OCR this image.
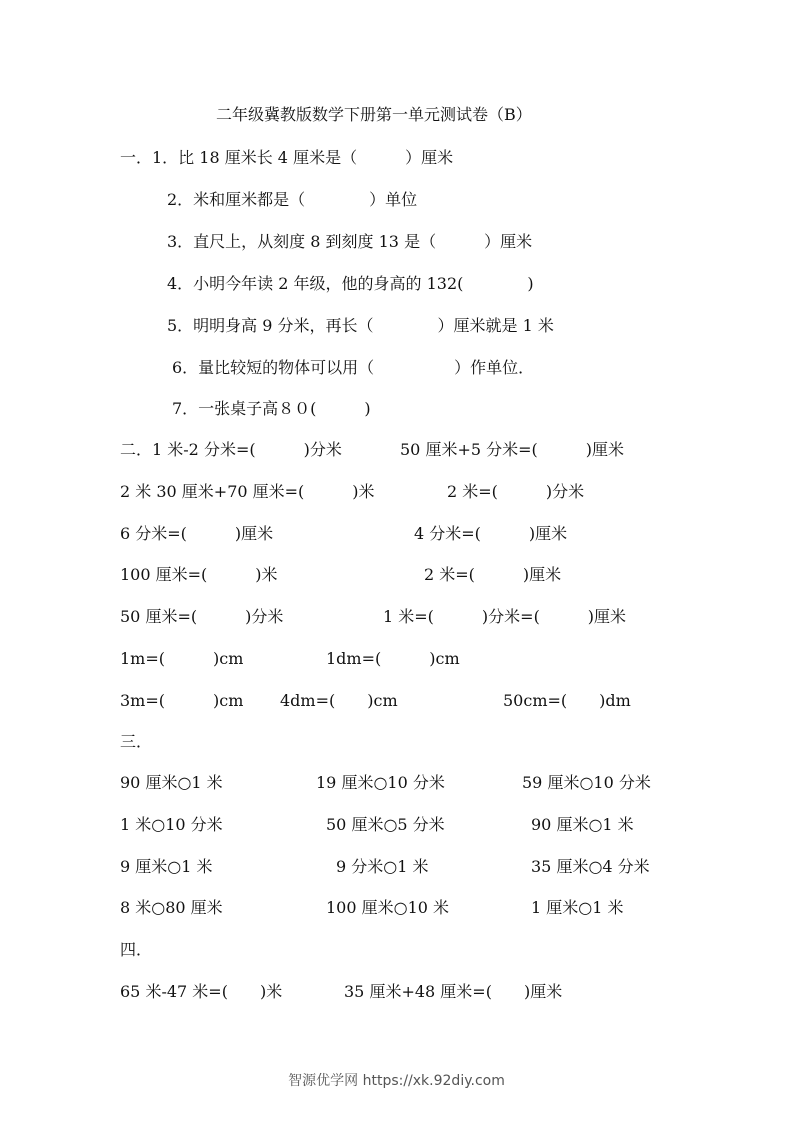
二年级冀教版数学下册第一单元测试卷（B）
一．1．比 18 厘米长 4 厘米是（　　　）厘米
2．米和厘米都是（　　　　）单位
3．直尺上，从刻度 8 到刻度 13 是（　　　）厘米
4．小明今年读 2 年级，他的身高的 132(　　　　)
5．明明身高 9 分米，再长（　　　　）厘米就是 1 米
6．量比较短的物体可以用（　　　　　）作单位．
7．一张桌子高８０(　　　)
二．1 米-2 分米=(　　　)分米	50 厘米+5 分米=(　　　)厘米
2 米 30 厘米+70 厘米=(　　　)米	2 米=(　　　)分米
6 分米=(　　　)厘米	4 分米=(　　　)厘米
100 厘米=(　　　)米	2 米=(　　　)厘米
50 厘米=(　　　)分米	1 米=(　　　)分米=(　　　)厘米
1m=(　　　)cm	1dm=(　　　)cm
3m=(　　　)cm 4dm=(　　)cm	50cm=(　　)dm
三．
90 厘米○1 米	19 厘米○10 分米	59 厘米○10 分米
1 米○10 分米	50 厘米○5 分米	90 厘米○1 米
9 厘米○1 米	9 分米○1 米	35 厘米○4 分米
8 米○80 厘米	100 厘米○10 米	1 厘米○1 米
四．
65 米-47 米=(　　)米	35 厘米+48 厘米=(　　)厘米
智源优学网 https://xk.92diy.com
